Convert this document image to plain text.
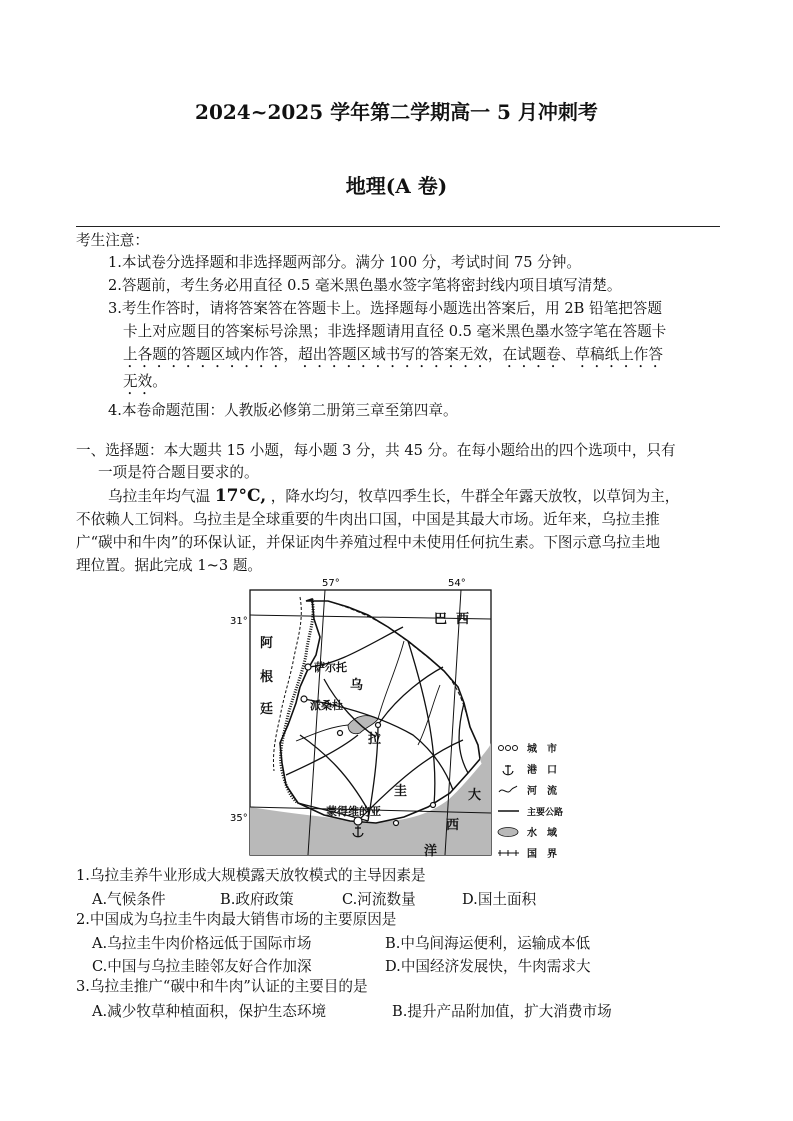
2024~2025 学年第二学期高一 5 月冲刺考
地理(A 卷)
考生注意：
1.本试卷分选择题和非选择题两部分。满分 100 分，考试时间 75 分钟。
2.答题前，考生务必用直径 0.5 毫米黑色墨水签字笔将密封线内项目填写清楚。
3.考生作答时，请将答案答在答题卡上。选择题每小题选出答案后，用 2B 铅笔把答题
卡上对应题目的答案标号涂黑；非选择题请用直径 0.5 毫米黑色墨水签字笔在答题卡
上各题的答题区域内作答，超出答题区域书写的答案无效，在试题卷、草稿纸上作答
无效。
4.本卷命题范围：人教版必修第二册第三章至第四章。
一、选择题：本大题共 15 小题，每小题 3 分，共 45 分。在每小题给出的四个选项中，只有
一项是符合题目要求的。
乌拉圭年均气温 17°C, ，降水均匀，牧草四季生长，牛群全年露天放牧，以草饲为主，
不依赖人工饲料。乌拉圭是全球重要的牛肉出口国，中国是其最大市场。近年来，乌拉圭推
广“碳中和牛肉”的环保认证，并保证肉牛养殖过程中未使用任何抗生素。下图示意乌拉圭地
理位置。据此完成 1~3 题。
57°	54°
31°
35°
巴 西
阿
根
廷
乌
拉
圭	大
西
洋
萨尔托
派桑杜
蒙得维的亚
城　市
港　口
河　流
主要公路
水　域
国　界
1.乌拉圭养牛业形成大规模露天放牧模式的主导因素是
A.气候条件	B.政府政策	C.河流数量	D.国土面积
2.中国成为乌拉圭牛肉最大销售市场的主要原因是
A.乌拉圭牛肉价格远低于国际市场	B.中乌间海运便利，运输成本低
C.中国与乌拉圭睦邻友好合作加深	D.中国经济发展快，牛肉需求大
3.乌拉圭推广“碳中和牛肉”认证的主要目的是
A.减少牧草种植面积，保护生态环境	B.提升产品附加值，扩大消费市场
